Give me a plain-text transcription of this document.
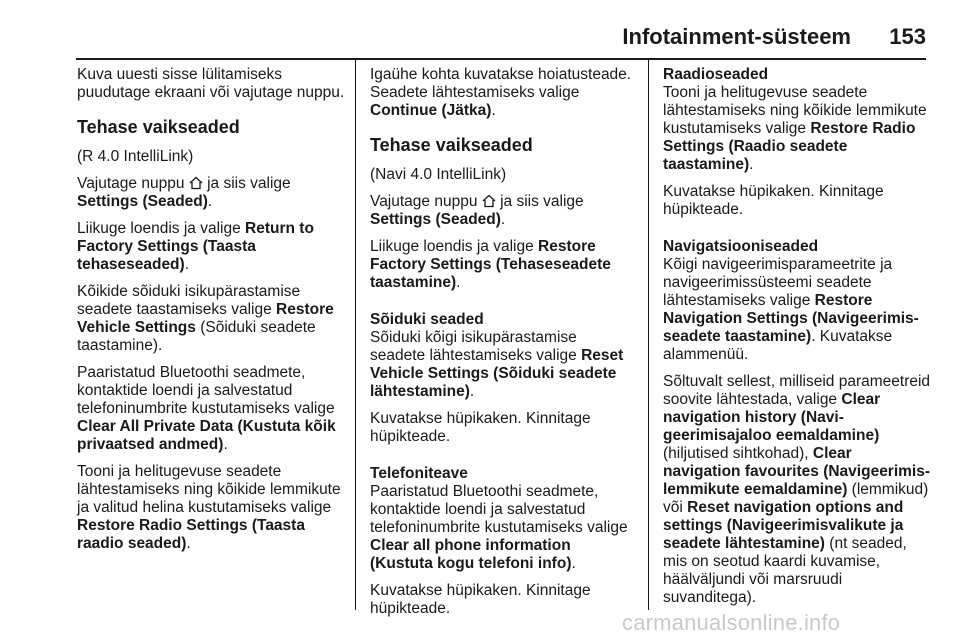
Infotainment-süsteem 153

Kuva uuesti sisse lülitamiseks puudutage ekraani või vajutage nuppu.

Tehase vaikseaded

(R 4.0 IntelliLink)

Vajutage nuppu ja siis valige Settings (Seaded).

Liikuge loendis ja valige Return to Factory Settings (Taasta tehaseseaded).

Kõikide sõiduki isikupärastamise seadete taastamiseks valige Restore Vehicle Settings (Sõiduki seadete taastamine).

Paaristatud Bluetoothi seadmete, kontaktide loendi ja salvestatud telefoninumbrite kustutamiseks valige Clear All Private Data (Kustuta kõik privaatsed andmed).

Tooni ja helitugevuse seadete lähtestamiseks ning kõikide lemmikute ja valitud helina kustutamiseks valige Restore Radio Settings (Taasta raadio seaded).

Igaühe kohta kuvatakse hoiatusteade. Seadete lähtestamiseks valige Continue (Jätka).

Tehase vaikseaded

(Navi 4.0 IntelliLink)

Vajutage nuppu ja siis valige Settings (Seaded).

Liikuge loendis ja valige Restore Factory Settings (Tehaseseadete taastamine).

Sõiduki seaded

Sõiduki kõigi isikupärastamise seadete lähtestamiseks valige Reset Vehicle Settings (Sõiduki seadete lähtestamine).

Kuvatakse hüpikaken. Kinnitage hüpikteade.

Telefoniteave

Paaristatud Bluetoothi seadmete, kontaktide loendi ja salvestatud telefoninumbrite kustutamiseks valige Clear all phone information (Kustuta kogu telefoni info).

Kuvatakse hüpikaken. Kinnitage hüpikteade.

Raadioseaded

Tooni ja helitugevuse seadete lähtestamiseks ning kõikide lemmikute kustutamiseks valige Restore Radio Settings (Raadio seadete taastamine).

Kuvatakse hüpikaken. Kinnitage hüpikteade.

Navigatsiooniseaded

Kõigi navigeerimisparameetrite ja navigeerimissüsteemi seadete lähtestamiseks valige Restore Navigation Settings (Navigeerimis-seadete taastamine). Kuvatakse alammenüü.

Sõltuvalt sellest, milliseid parameetreid soovite lähtestada, valige Clear navigation history (Navi-geerimisajaloo eemaldamine) (hiljutised sihtkohad), Clear navigation favourites (Navigeerimis-lemmikute eemaldamine) (lemmikud) või Reset navigation options and settings (Navigeerimisvalikute ja seadete lähtestamine) (nt seaded, mis on seotud kaardi kuvamise, häälväljundi või marsruudi suvanditega).

carmanualsonline.info
